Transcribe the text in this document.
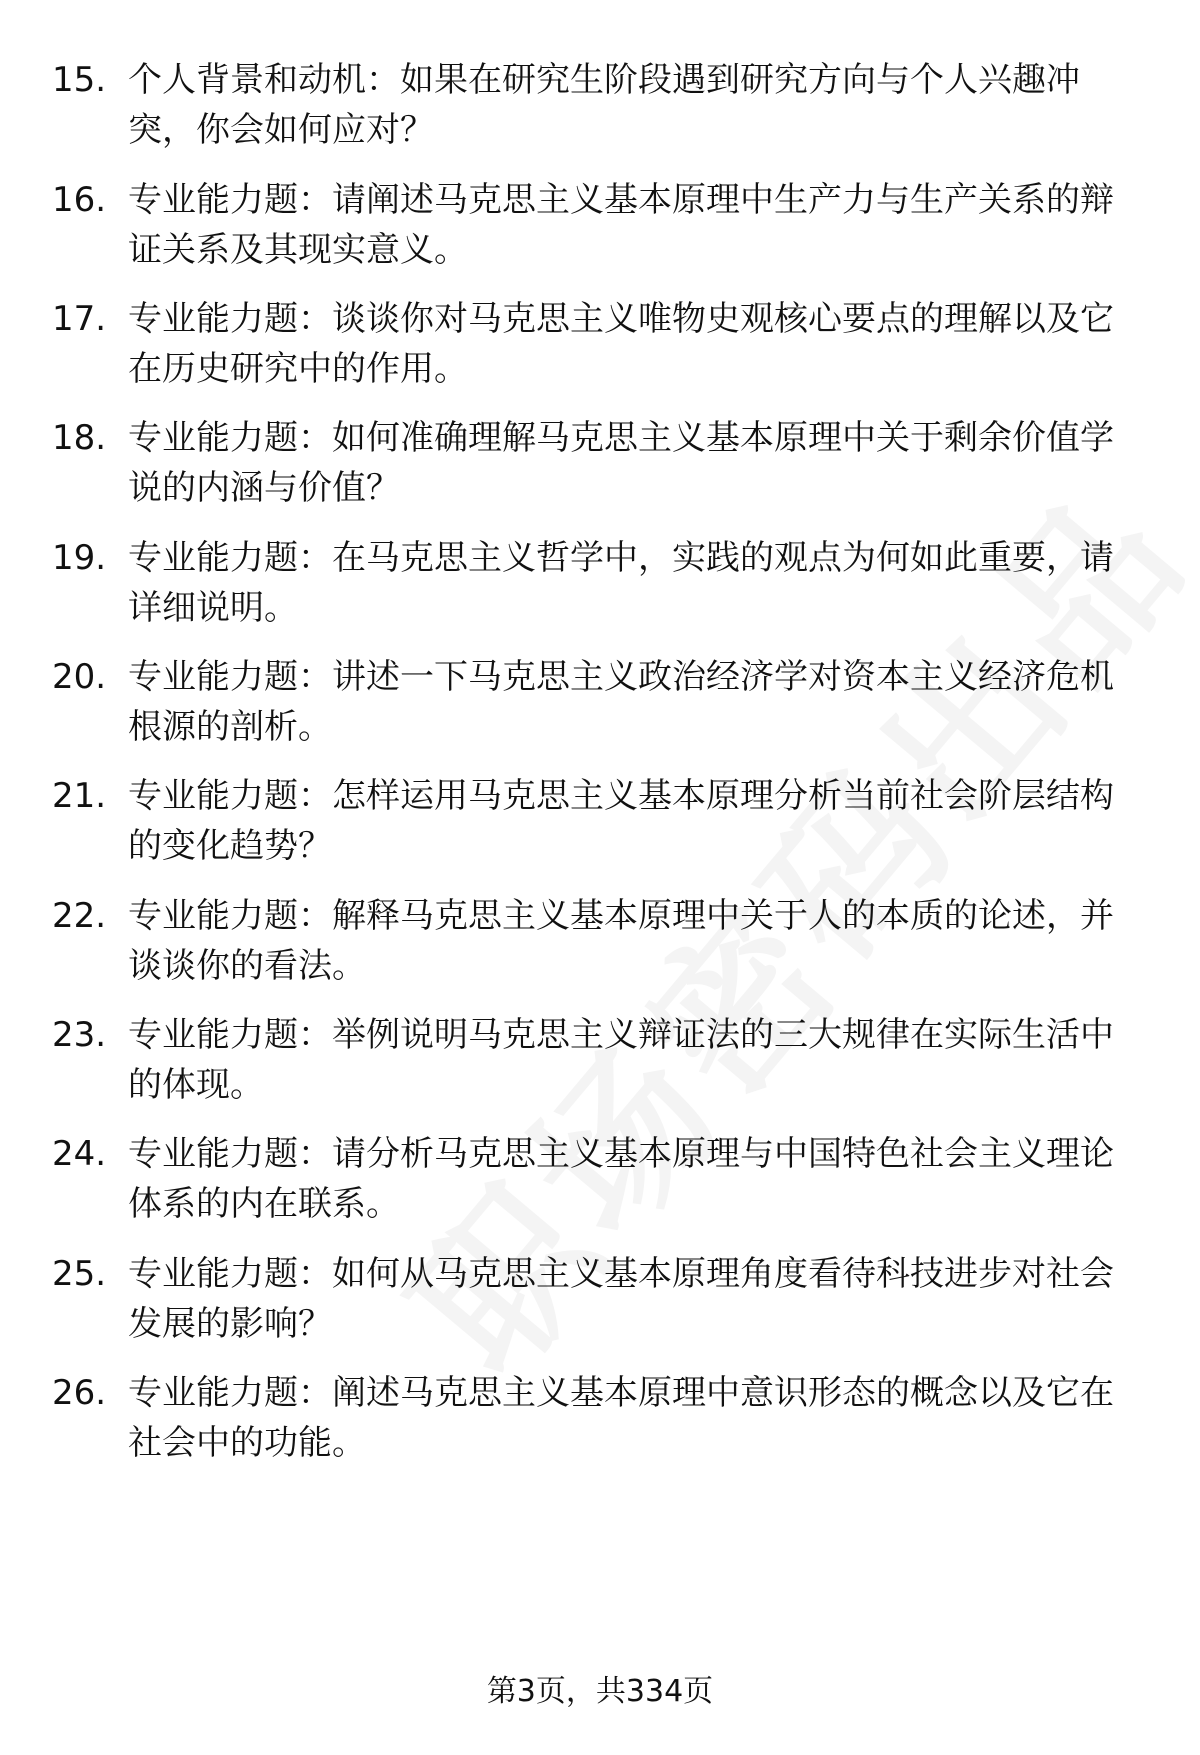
15. 个人背景和动机：如果在研究生阶段遇到研究方向与个人兴趣冲突，你会如何应对？
16. 专业能力题：请阐述马克思主义基本原理中生产力与生产关系的辩证关系及其现实意义。
17. 专业能力题：谈谈你对马克思主义唯物史观核心要点的理解以及它在历史研究中的作用。
18. 专业能力题：如何准确理解马克思主义基本原理中关于剩余价值学说的内涵与价值？
19. 专业能力题：在马克思主义哲学中，实践的观点为何如此重要，请详细说明。
20. 专业能力题：讲述一下马克思主义政治经济学对资本主义经济危机根源的剖析。
21. 专业能力题：怎样运用马克思主义基本原理分析当前社会阶层结构的变化趋势？
22. 专业能力题：解释马克思主义基本原理中关于人的本质的论述，并谈谈你的看法。
23. 专业能力题：举例说明马克思主义辩证法的三大规律在实际生活中的体现。
24. 专业能力题：请分析马克思主义基本原理与中国特色社会主义理论体系的内在联系。
25. 专业能力题：如何从马克思主义基本原理角度看待科技进步对社会发展的影响？
26. 专业能力题：阐述马克思主义基本原理中意识形态的概念以及它在社会中的功能。
第3页，共334页
